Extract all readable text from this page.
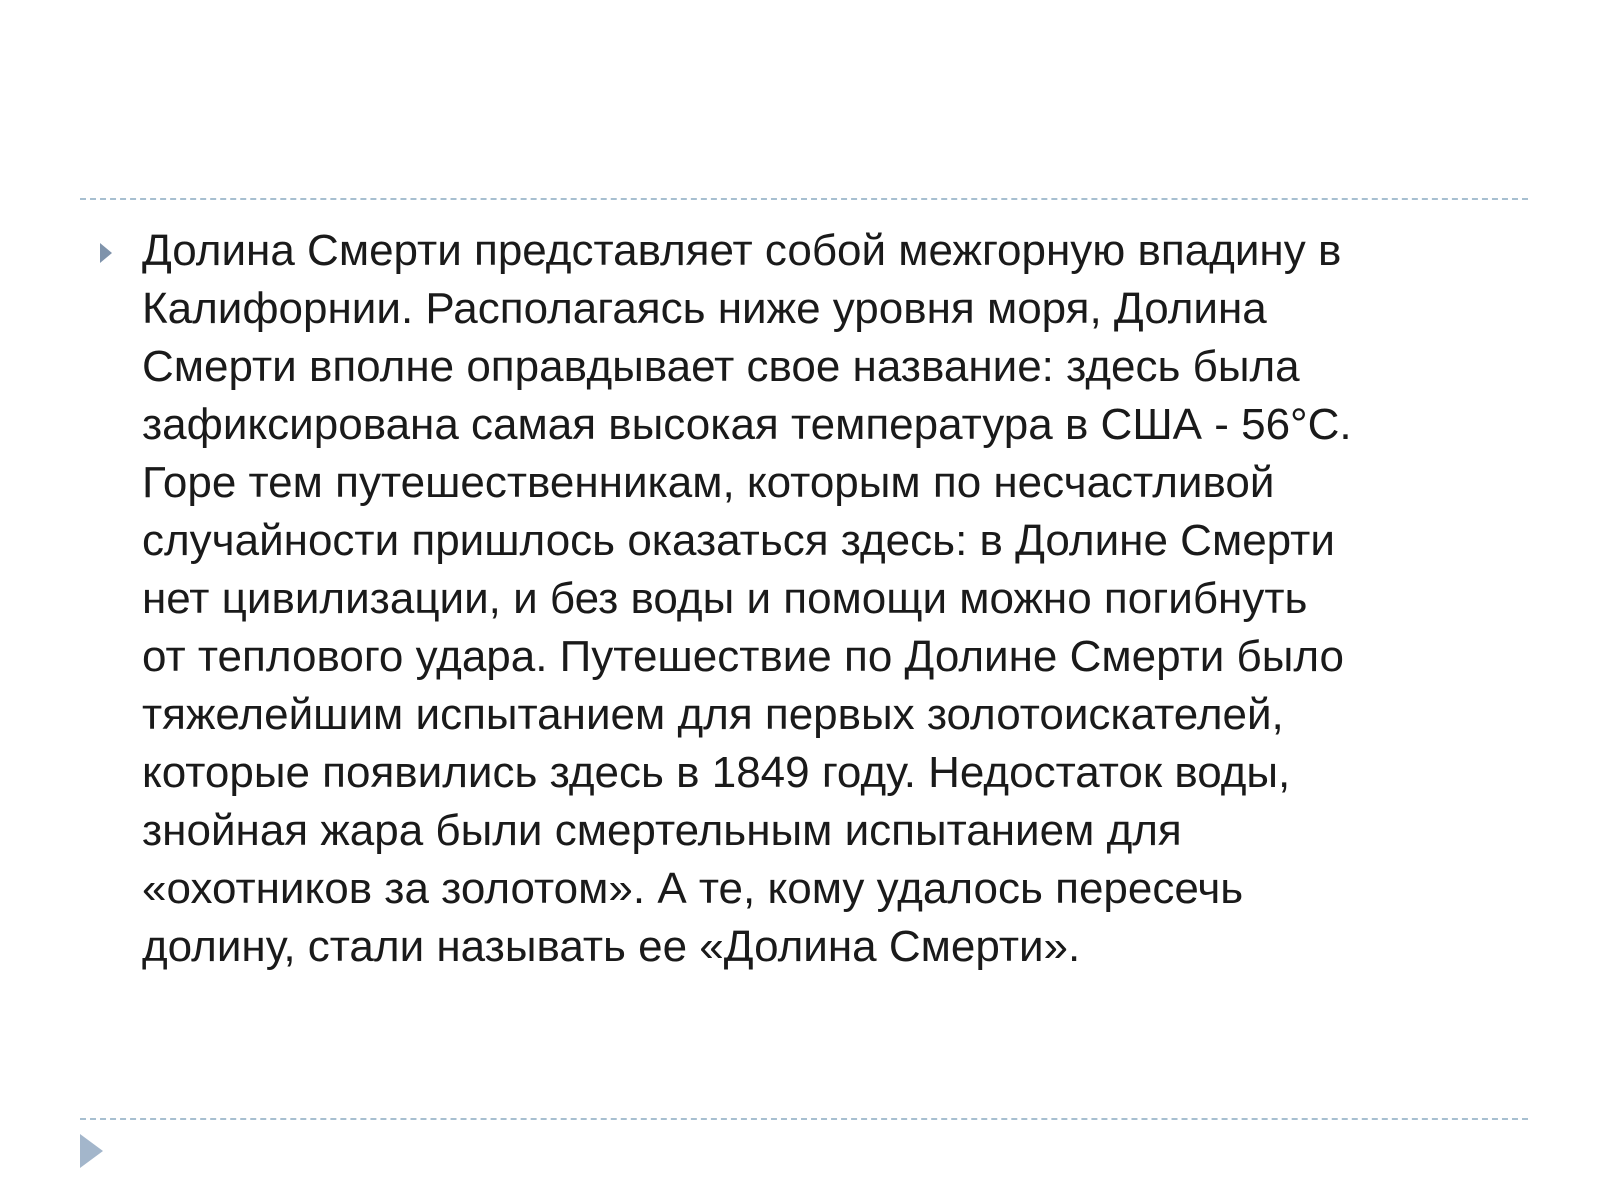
Долина Смерти представляет собой межгорную впадину в
Калифорнии. Располагаясь ниже уровня моря, Долина
Смерти вполне оправдывает свое название: здесь была
зафиксирована самая высокая температура в США - 56°C.
Горе тем путешественникам, которым по несчастливой
случайности пришлось оказаться здесь: в Долине Смерти
нет цивилизации, и без воды и помощи можно погибнуть
от теплового удара. Путешествие по Долине Смерти было
тяжелейшим испытанием для первых золотоискателей,
которые появились здесь в 1849 году. Недостаток воды,
знойная жара были смертельным испытанием для
«охотников за золотом». А те, кому удалось пересечь
долину, стали называть ее «Долина Смерти».
